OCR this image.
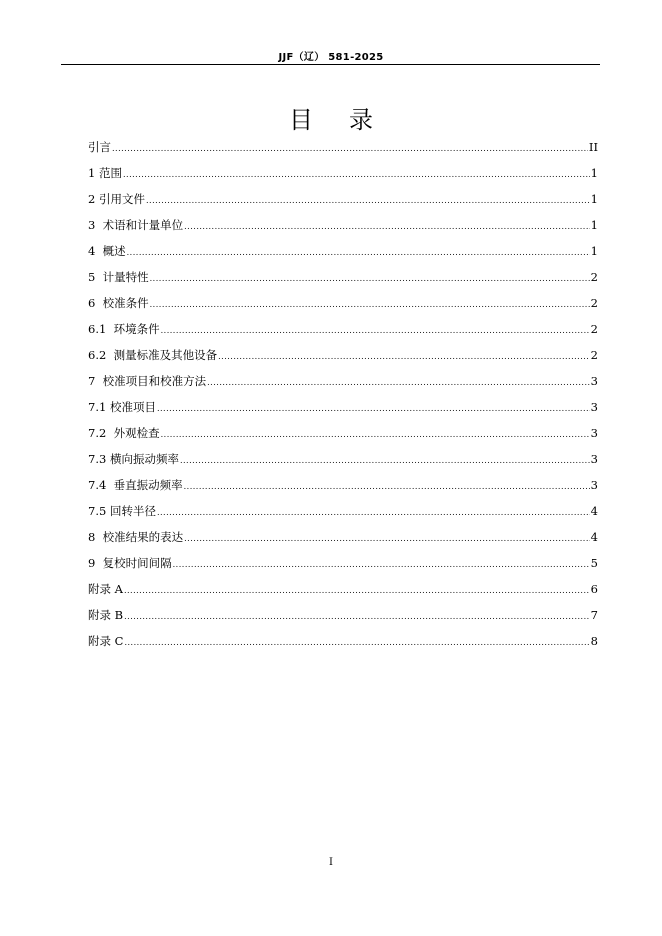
JJF（辽） 581-2025
目录
引言 .....	II
1 范围 .....	1
2 引用文件 .....	1
3  术语和计量单位 .....	1
4  概述 .....	1
5  计量特性 .....	2
6  校准条件 .....	2
6.1  环境条件 .....	2
6.2  测量标准及其他设备 .....	2
7  校准项目和校准方法 .....	3
7.1 校准项目 .....	3
7.2  外观检查 .....	3
7.3 横向振动频率 .....	3
7.4  垂直振动频率 .....	3
7.5 回转半径 .....	4
8  校准结果的表达 .....	4
9  复校时间间隔 .....	5
附录 A .....	6
附录 B .....	7
附录 C .....	8
I
